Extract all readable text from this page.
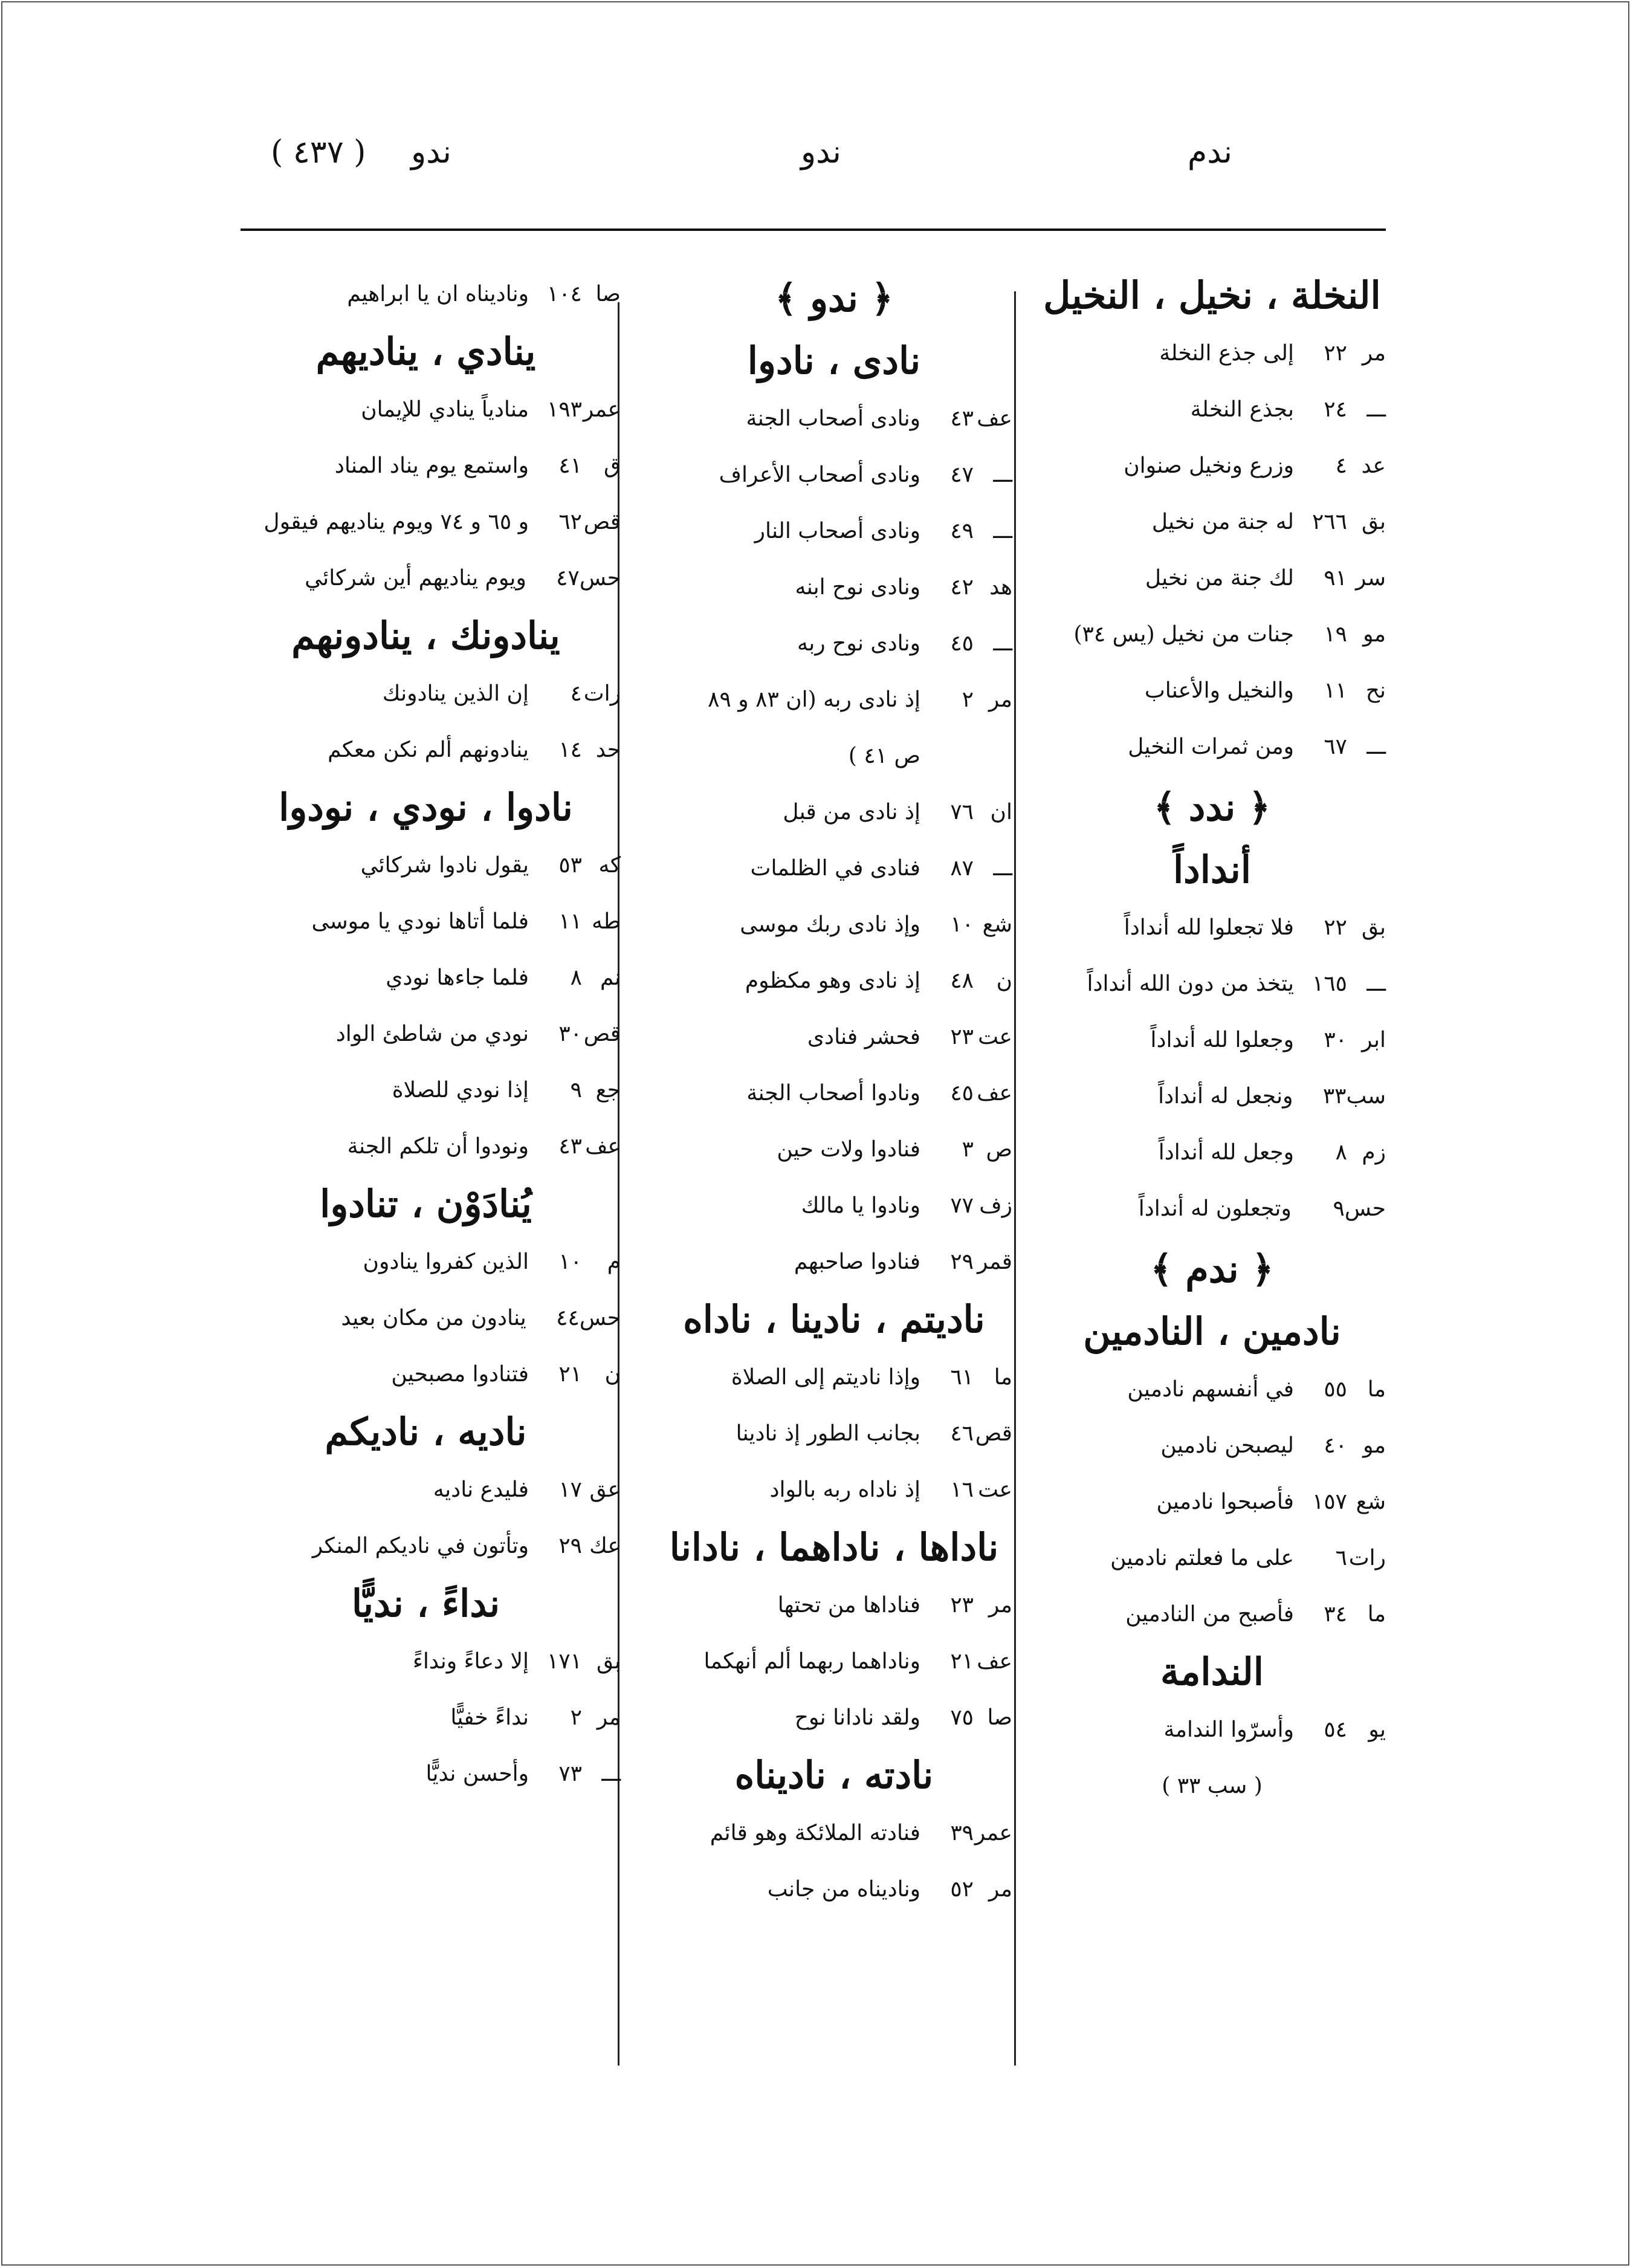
( ٤٣٧ ) ندو	ندو	ندم
النخلة ، نخيل ، النخيل
مر
٢٢
إلى جذع النخلة
ـــ
٢٤
بجذع النخلة
عد
٤
وزرع ونخيل صنوان
بق
٢٦٦
له جنة من نخيل
سر
٩١
لك جنة من نخيل
مو
١٩
جنات من نخيل (يس ٣٤)
نح
١١
والنخيل والأعناب
ـــ
٦٧
ومن ثمرات النخيل
﴿ ندد ﴾
أنداداً
بق
٢٢
فلا تجعلوا لله أنداداً
ـــ
١٦٥
يتخذ من دون الله أنداداً
ابر
٣٠
وجعلوا لله أنداداً
سب
٣٣
ونجعل له أنداداً
زم
٨
وجعل لله أنداداً
حس
٩
وتجعلون له أنداداً
﴿ ندم ﴾
نادمين ، النادمين
ما
٥٥
في أنفسهم نادمين
مو
٤٠
ليصبحن نادمين
شع
١٥٧
فأصبحوا نادمين
رات
٦
على ما فعلتم نادمين
ما
٣٤
فأصبح من النادمين
الندامة
يو
٥٤
وأسرّوا الندامة
( سب ٣٣ )
﴿ ندو ﴾
نادى ، نادوا
عف
٤٣
ونادى أصحاب الجنة
ـــ
٤٧
ونادى أصحاب الأعراف
ـــ
٤٩
ونادى أصحاب النار
هد
٤٢
ونادى نوح ابنه
ـــ
٤٥
ونادى نوح ربه
مر
٢
إذ نادى ربه (ان ٨٣ و ٨٩
ص ٤١ )
ان
٧٦
إذ نادى من قبل
ـــ
٨٧
فنادى في الظلمات
شع
١٠
وإذ نادى ربك موسى
ن
٤٨
إذ نادى وهو مكظوم
عت
٢٣
فحشر فنادى
عف
٤٥
ونادوا أصحاب الجنة
ص
٣
فنادوا ولات حين
زف
٧٧
ونادوا يا مالك
قمر
٢٩
فنادوا صاحبهم
ناديتم ، نادينا ، ناداه
ما
٦١
وإذا ناديتم إلى الصلاة
قص
٤٦
بجانب الطور إذ نادينا
عت
١٦
إذ ناداه ربه بالواد
ناداها ، ناداهما ، نادانا
مر
٢٣
فناداها من تحتها
عف
٢١
وناداهما ربهما ألم أنهكما
صا
٧٥
ولقد نادانا نوح
نادته ، ناديناه
عمر
٣٩
فنادته الملائكة وهو قائم
مر
٥٢
وناديناه من جانب
صا
١٠٤
وناديناه ان يا ابراهيم
ينادي ، يناديهم
عمر
١٩٣
منادياً ينادي للإيمان
ق
٤١
واستمع يوم يناد المناد
قص
٦٢
و ٦٥ و ٧٤ ويوم يناديهم فيقول
حس
٤٧
ويوم يناديهم أين شركائي
ينادونك ، ينادونهم
رات
٤
إن الذين ينادونك
حد
١٤
ينادونهم ألم نكن معكم
نادوا ، نودي ، نودوا
كه
٥٣
يقول نادوا شركائي
طه
١١
فلما أتاها نودي يا موسى
نم
٨
فلما جاءها نودي
قص
٣٠
نودي من شاطئ الواد
جع
٩
إذا نودي للصلاة
عف
٤٣
ونودوا أن تلكم الجنة
يُنادَوْن ، تنادوا
م
١٠
الذين كفروا ينادون
حس
٤٤
ينادون من مكان بعيد
ن
٢١
فتنادوا مصبحين
ناديه ، ناديكم
عق
١٧
فليدع ناديه
عك
٢٩
وتأتون في ناديكم المنكر
نداءً ، نديًّا
بق
١٧١
إلا دعاءً ونداءً
مر
٢
نداءً خفيًّا
ـــ
٧٣
وأحسن نديًّا
